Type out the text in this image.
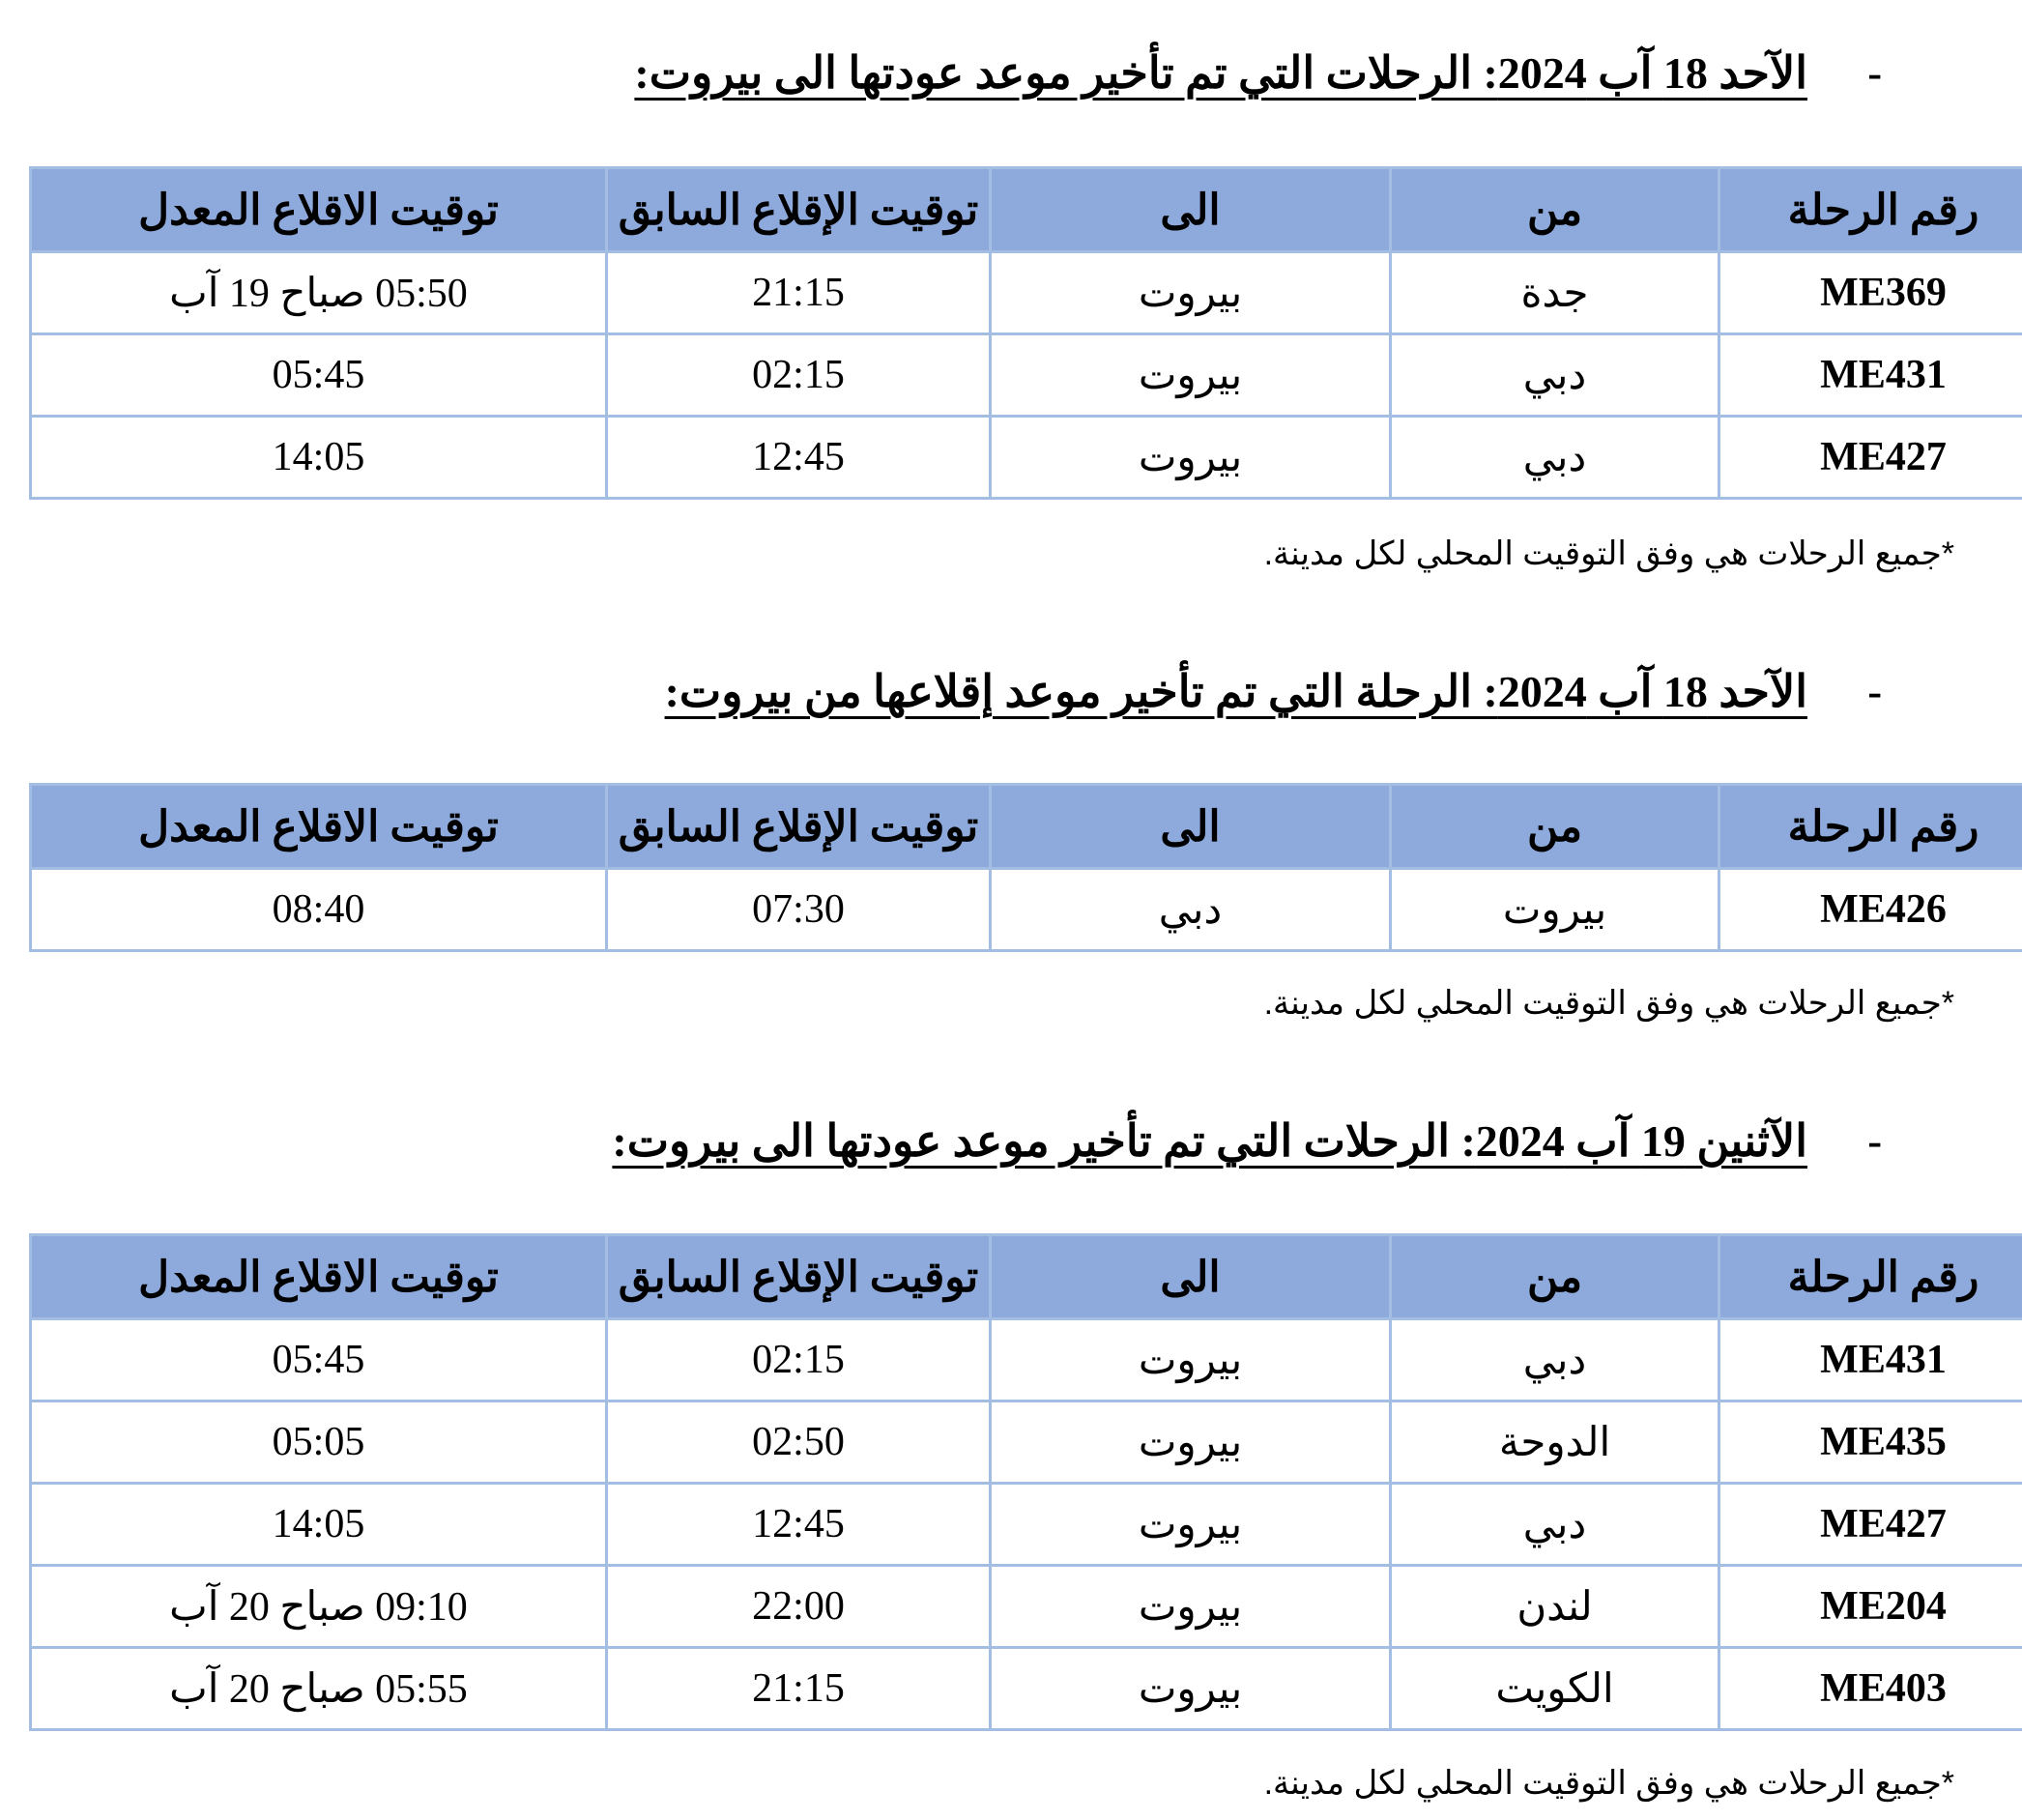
-
الآحد 18 آب 2024: الرحلات التي تم تأخير موعد عودتها الى بيروت:
رقم الرحلة	من	الى	توقيت الإقلاع السابق	توقيت الاقلاع المعدل
ME369	جدة	بيروت	21:15	05:50 صباح 19 آب
ME431	دبي	بيروت	02:15	05:45
ME427	دبي	بيروت	12:45	14:05
*جميع الرحلات هي وفق التوقيت المحلي لكل مدينة.
-
الآحد 18 آب 2024: الرحلة التي تم تأخير موعد إقلاعها من بيروت:
رقم الرحلة	من	الى	توقيت الإقلاع السابق	توقيت الاقلاع المعدل
ME426	بيروت	دبي	07:30	08:40
*جميع الرحلات هي وفق التوقيت المحلي لكل مدينة.
-
الآثنين 19 آب 2024: الرحلات التي تم تأخير موعد عودتها الى بيروت:
رقم الرحلة	من	الى	توقيت الإقلاع السابق	توقيت الاقلاع المعدل
ME431	دبي	بيروت	02:15	05:45
ME435	الدوحة	بيروت	02:50	05:05
ME427	دبي	بيروت	12:45	14:05
ME204	لندن	بيروت	22:00	09:10 صباح 20 آب
ME403	الكويت	بيروت	21:15	05:55 صباح 20 آب
*جميع الرحلات هي وفق التوقيت المحلي لكل مدينة.
